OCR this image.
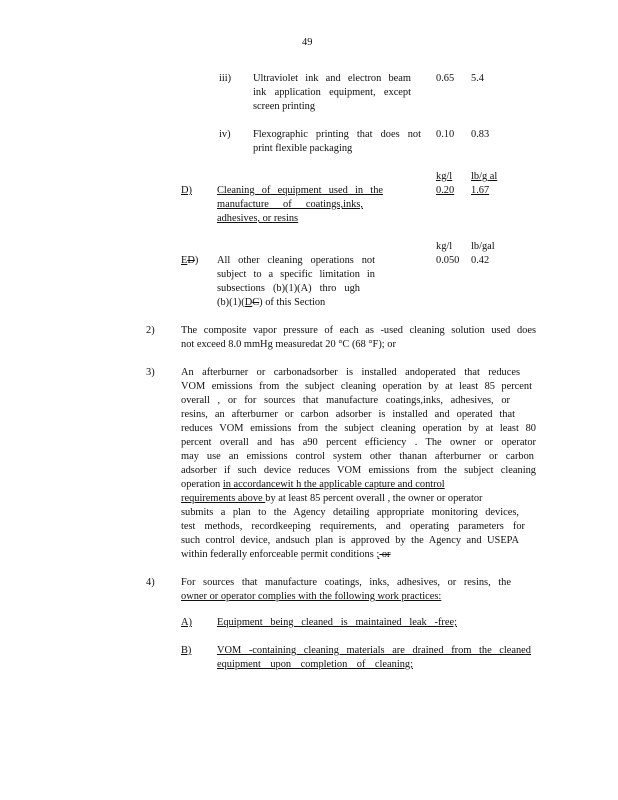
49
iii) Ultraviolet ink and electron beam
ink application equipment, except
screen printing
0.65 5.4
iv) Flexographic printing that does not
print flexible packaging
0.10 0.83
kg/l lb/g al
D) Cleaning of equipment used in the
manufacture of coatings,inks,
adhesives, or resins
0.20 1.67
kg/l lb/gal
ED) All other cleaning operations not
subject to a specific limitation in
subsections (b)(1)(A) thro ugh
(b)(1)(DC) of this Section
0.050 0.42
2)	The composite vapor pressure of each as -used cleaning solution used does
not exceed 8.0 mmHg measuredat 20 °C (68 °F); or
3)	An afterburner or carbonadsorber is installed andoperated that reduces
VOM emissions from the subject cleaning operation by at least 85 percent
overall , or for sources that manufacture coatings,inks, adhesives, or
resins, an afterburner or carbon adsorber is installed and operated that
reduces VOM emissions from the subject cleaning operation by at least 80
percent overall and has a90 percent efficiency . The owner or operator
may use an emissions control system other thanan afterburner or carbon
adsorber if such device reduces VOM emissions from the subject cleaning
operation in accordancewit h the applicable capture and control
requirements above by at least 85 percent overall , the owner or operator
submits a plan to the Agency detailing appropriate monitoring devices,
test methods, recordkeeping requirements, and operating parameters for
such control device, andsuch plan is approved by the Agency and USEPA
within federally enforceable permit conditions ; or
4)	For sources that manufacture coatings, inks, adhesives, or resins, the
owner or operator complies with the following work practices:
A) Equipment being cleaned is maintained leak -free;
B) VOM -containing cleaning materials are drained from the cleaned
equipment upon completion of cleaning;
